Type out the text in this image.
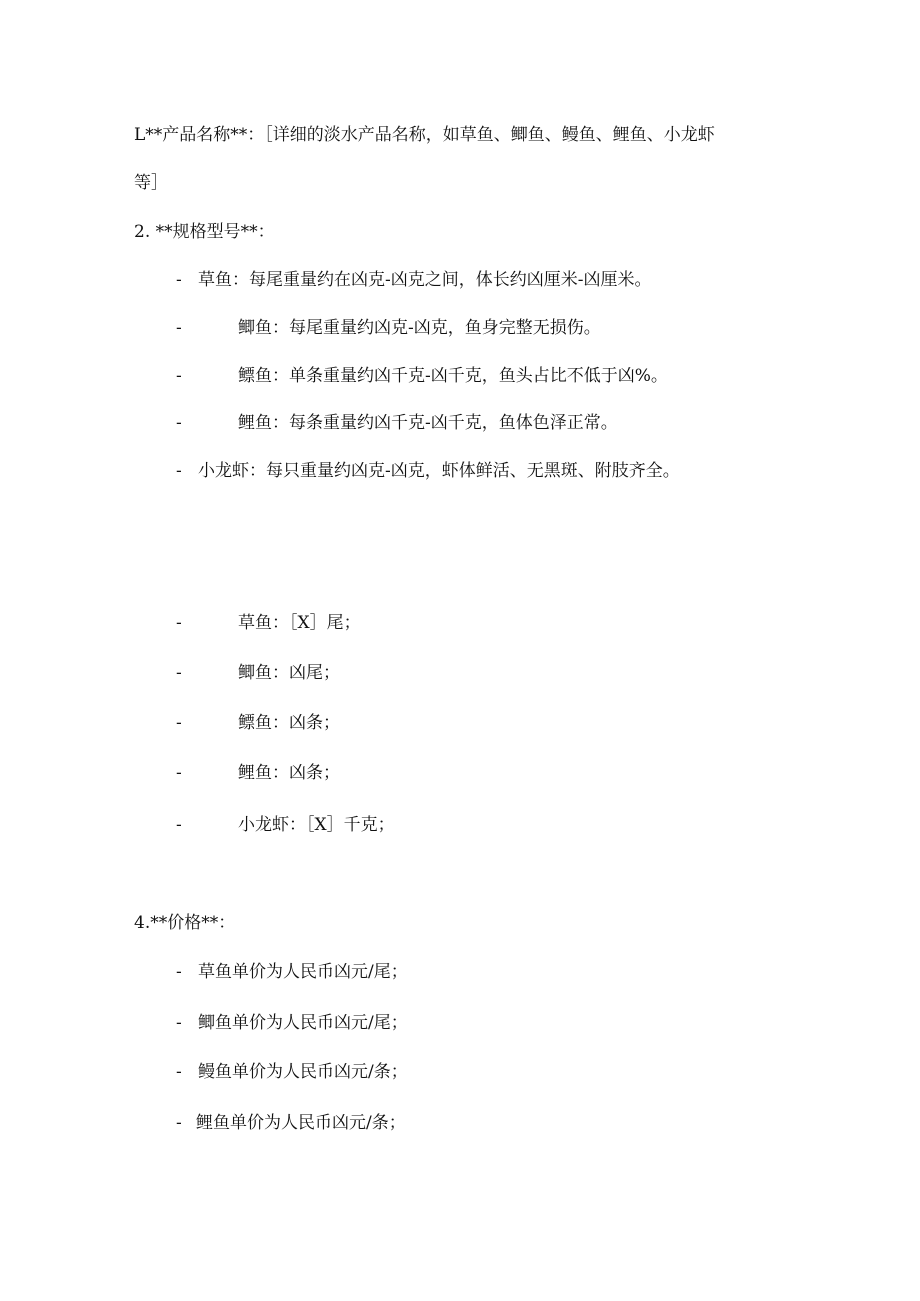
L**产品名称**：［详细的淡水产品名称，如草鱼、鲫鱼、鳗鱼、鲤鱼、小龙虾
等］
2. **规格型号**：
- 草鱼：每尾重量约在凶克-凶克之间，体长约凶厘米-凶厘米。
-	鲫鱼：每尾重量约凶克-凶克，鱼身完整无损伤。
-	鳔鱼：单条重量约凶千克-凶千克，鱼头占比不低于凶%。
-	鲤鱼：每条重量约凶千克-凶千克，鱼体色泽正常。
- 小龙虾：每只重量约凶克-凶克，虾体鲜活、无黑斑、附肢齐全。
-	草鱼：［X］尾；
-	鲫鱼：凶尾；
-	鳔鱼：凶条；
-	鲤鱼：凶条；
-	小龙虾：［X］千克；
4.**价格**：
- 草鱼单价为人民币凶元/尾；
- 鲫鱼单价为人民币凶元/尾；
- 鳗鱼单价为人民币凶元/条；
- 鲤鱼单价为人民币凶元/条；
